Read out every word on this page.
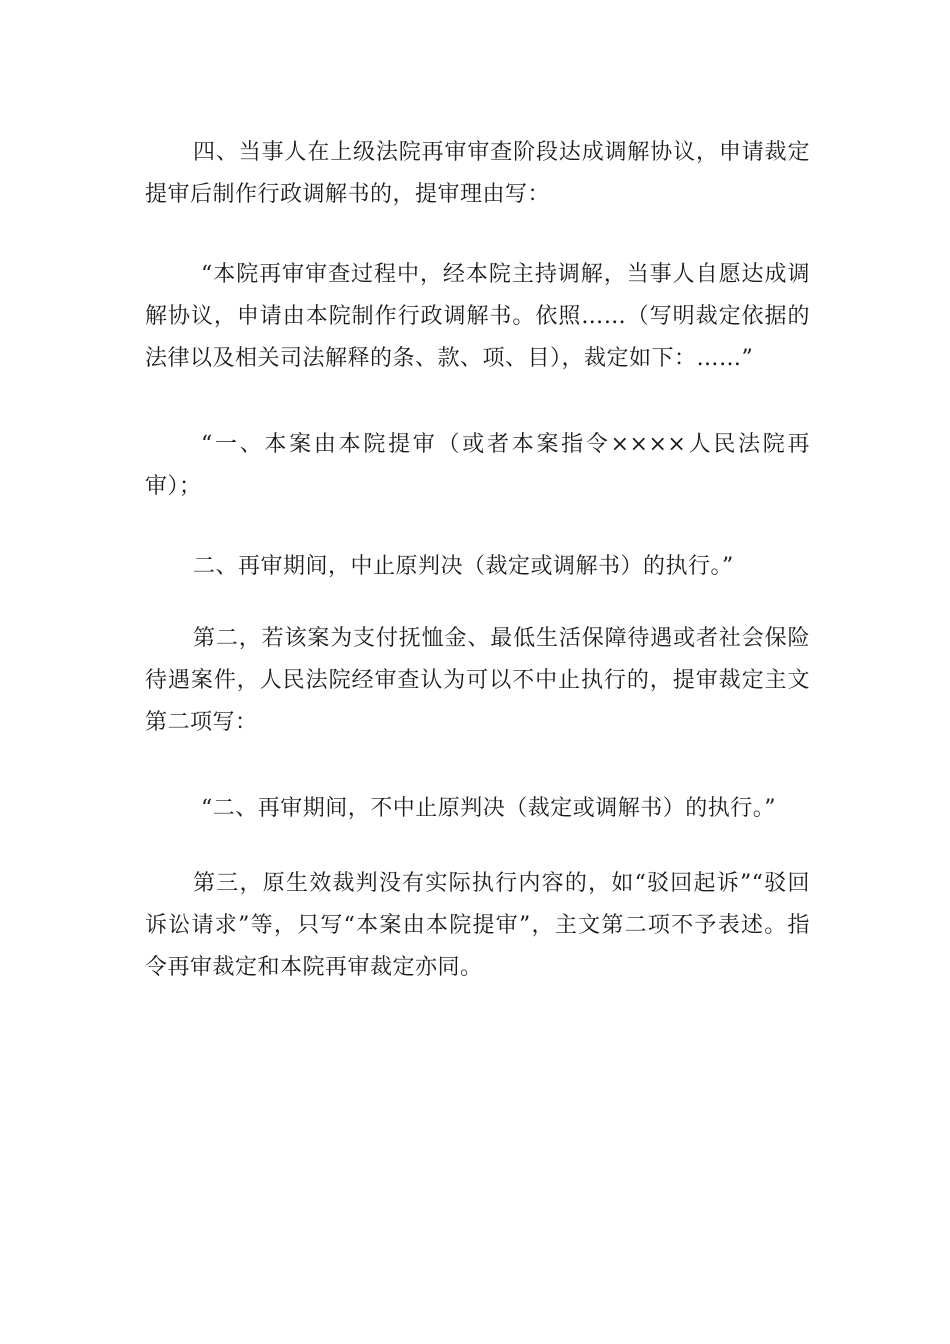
四、当事人在上级法院再审审查阶段达成调解协议，申请裁定提审后制作行政调解书的，提审理由写：

“本院再审审查过程中，经本院主持调解，当事人自愿达成调解协议，申请由本院制作行政调解书。依照……（写明裁定依据的法律以及相关司法解释的条、款、项、目），裁定如下：……”

“一、本案由本院提审（或者本案指令××××人民法院再审）；

二、再审期间，中止原判决（裁定或调解书）的执行。”

第二，若该案为支付抚恤金、最低生活保障待遇或者社会保险待遇案件，人民法院经审查认为可以不中止执行的，提审裁定主文第二项写：

“二、再审期间，不中止原判决（裁定或调解书）的执行。”

第三，原生效裁判没有实际执行内容的，如“驳回起诉”“驳回诉讼请求”等，只写“本案由本院提审”，主文第二项不予表述。指令再审裁定和本院再审裁定亦同。
